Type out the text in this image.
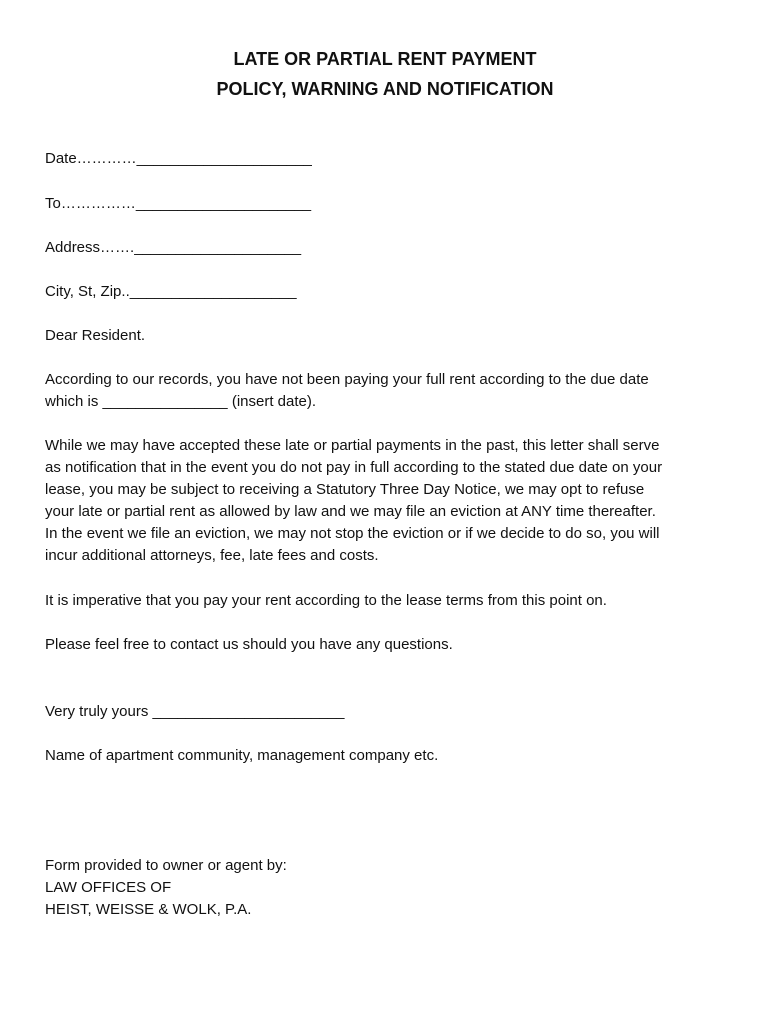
LATE OR PARTIAL RENT PAYMENT
POLICY, WARNING AND NOTIFICATION
Date…………_____________________
To……………_____________________
Address…….____________________
City, St, Zip..____________________
Dear Resident.
According to our records, you have not been paying your full rent according to the due date
which is _______________ (insert date).
While we may have accepted these late or partial payments in the past, this letter shall serve
as notification that in the event you do not pay in full according to the stated due date on your
lease, you may be subject to receiving a Statutory Three Day Notice, we may opt to refuse
your late or partial rent as allowed by law and we may file an eviction at ANY time thereafter.
In the event we file an eviction, we may not stop the eviction or if we decide to do so, you will
incur additional attorneys, fee, late fees and costs.
It is imperative that you pay your rent according to the lease terms from this point on.
Please feel free to contact us should you have any questions.
Very truly yours _______________________
Name of apartment community, management company etc.
Form provided to owner or agent by:
LAW OFFICES OF
HEIST, WEISSE & WOLK, P.A.
